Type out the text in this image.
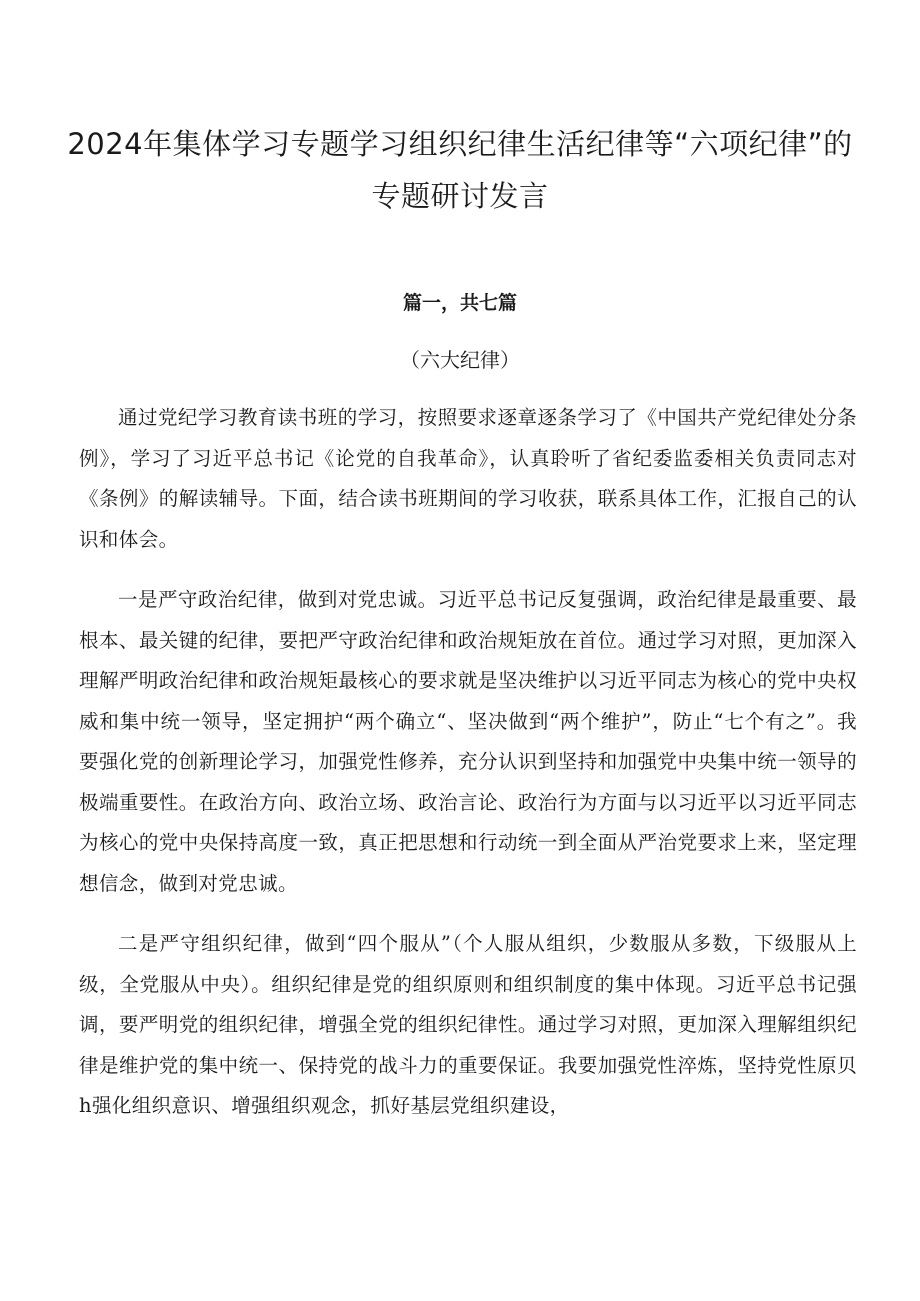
2024年集体学习专题学习组织纪律生活纪律等“六项纪律”的专题研讨发言
篇一，共七篇
（六大纪律）

通过党纪学习教育读书班的学习，按照要求逐章逐条学习了《中国共产党纪律处分条例》，学习了习近平总书记《论党的自我革命》，认真聆听了省纪委监委相关负责同志对《条例》的解读辅导。下面，结合读书班期间的学习收获，联系具体工作，汇报自己的认识和体会。

一是严守政治纪律，做到对党忠诚。习近平总书记反复强调，政治纪律是最重要、最根本、最关键的纪律，要把严守政治纪律和政治规矩放在首位。通过学习对照，更加深入理解严明政治纪律和政治规矩最核心的要求就是坚决维护以习近平同志为核心的党中央权威和集中统一领导，坚定拥护“两个确立“、坚决做到“两个维护”，防止“七个有之”。我要强化党的创新理论学习，加强党性修养，充分认识到坚持和加强党中央集中统一领导的极端重要性。在政治方向、政治立场、政治言论、政治行为方面与以习近平以习近平同志为核心的党中央保持高度一致，真正把思想和行动统一到全面从严治党要求上来，坚定理想信念，做到对党忠诚。

二是严守组织纪律，做到“四个服从”（个人服从组织，少数服从多数，下级服从上级，全党服从中央）。组织纪律是党的组织原则和组织制度的集中体现。习近平总书记强调，要严明党的组织纪律，增强全党的组织纪律性。通过学习对照，更加深入理解组织纪律是维护党的集中统一、保持党的战斗力的重要保证。我要加强党性淬炼，坚持党性原贝h强化组织意识、增强组织观念，抓好基层党组织建设，
